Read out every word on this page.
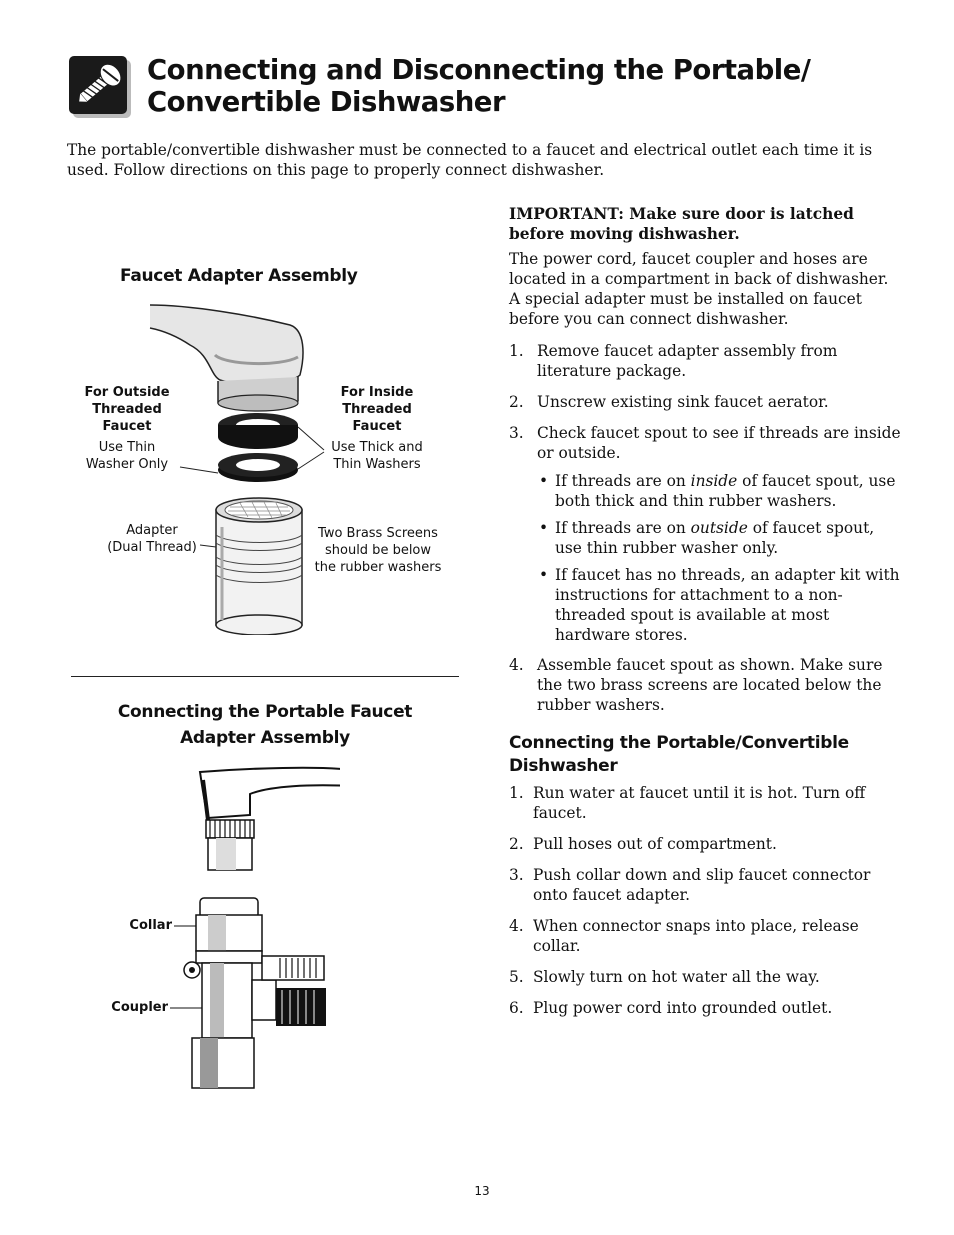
Connecting and Disconnecting the Portable/
Convertible Dishwasher

The portable/convertible dishwasher must be connected to a faucet and electrical outlet each time it is used. Follow directions on this page to properly connect dishwasher.

Faucet Adapter Assembly
For Outside
Threaded
Faucet
Use Thin
Washer Only
For Inside
Threaded
Faucet
Use Thick and
Thin Washers
Adapter
(Dual Thread)
Two Brass Screens
should be below
the rubber washers
Connecting the Portable Faucet
Adapter Assembly
Collar
Coupler

IMPORTANT: Make sure door is latched before moving dishwasher.

The power cord, faucet coupler and hoses are located in a compartment in back of dishwasher. A special adapter must be installed on faucet before you can connect dishwasher.

1. Remove faucet adapter assembly from literature package.
2. Unscrew existing sink faucet aerator.
3. Check faucet spout to see if threads are inside or outside.
• If threads are on inside of faucet spout, use both thick and thin rubber washers.
• If threads are on outside of faucet spout, use thin rubber washer only.
• If faucet has no threads, an adapter kit with instructions for attachment to a non-threaded spout is available at most hardware stores.
4. Assemble faucet spout as shown. Make sure the two brass screens are located below the rubber washers.
Connecting the Portable/Convertible Dishwasher
1. Run water at faucet until it is hot. Turn off faucet.
2. Pull hoses out of compartment.
3. Push collar down and slip faucet connector onto faucet adapter.
4. When connector snaps into place, release collar.
5. Slowly turn on hot water all the way.
6. Plug power cord into grounded outlet.
13
